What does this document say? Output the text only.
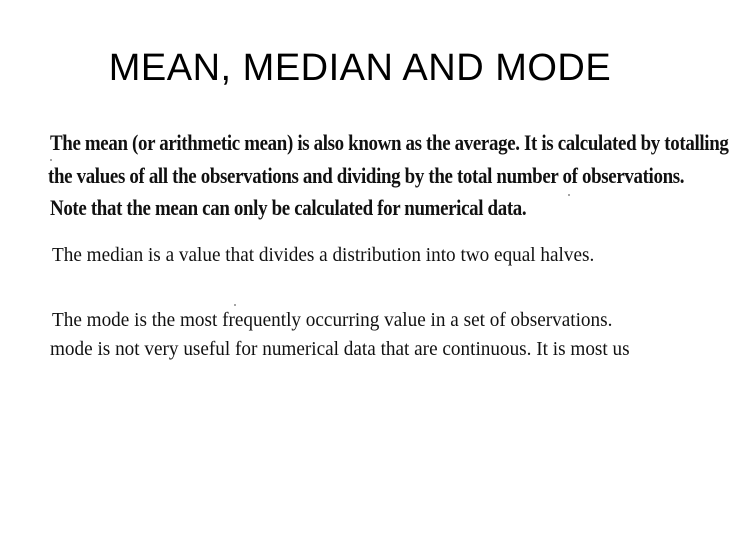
MEAN, MEDIAN AND MODE
The mean (or arithmetic mean) is also known as the average. It is calculated by totalling
the values of all the observations and dividing by the total number of observations.
Note that the mean can only be calculated for numerical data.
The median is a value that divides a distribution into two equal halves.
The mode is the most frequently occurring value in a set of observations.
mode is not very useful for numerical data that are continuous. It is most us
